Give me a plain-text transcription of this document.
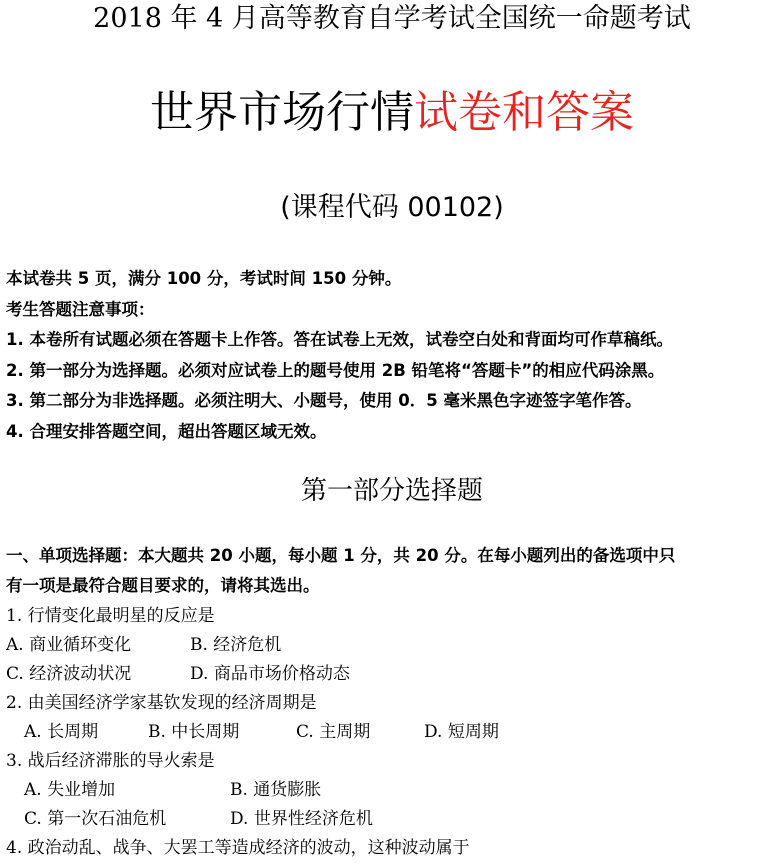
2018 年 4 月高等教育自学考试全国统一命题考试
世界市场行情试卷和答案
(课程代码 00102)
本试卷共 5 页，满分 100 分，考试时间 150 分钟。
考生答题注意事项：
1. 本卷所有试题必须在答题卡上作答。答在试卷上无效，试卷空白处和背面均可作草稿纸。
2. 第一部分为选择题。必须对应试卷上的题号使用 2B 铅笔将“答题卡”的相应代码涂黑。
3. 第二部分为非选择题。必须注明大、小题号，使用 0．5 毫米黑色字迹签字笔作答。
4. 合理安排答题空间，超出答题区域无效。
第一部分选择题
一、单项选择题：本大题共 20 小题，每小题 1 分，共 20 分。在每小题列出的备选项中只
有一项是最符合题目要求的，请将其选出。
1. 行情变化最明星的反应是
A. 商业循环变化	B. 经济危机
C. 经济波动状况	D. 商品市场价格动态
2. 由美国经济学家基钦发现的经济周期是
A. 长周期	B. 中长周期	C. 主周期	D. 短周期
3. 战后经济滞胀的导火索是
A. 失业增加	B. 通货膨胀
C. 第一次石油危机	D. 世界性经济危机
4. 政治动乱、战争、大罢工等造成经济的波动，这种波动属于
